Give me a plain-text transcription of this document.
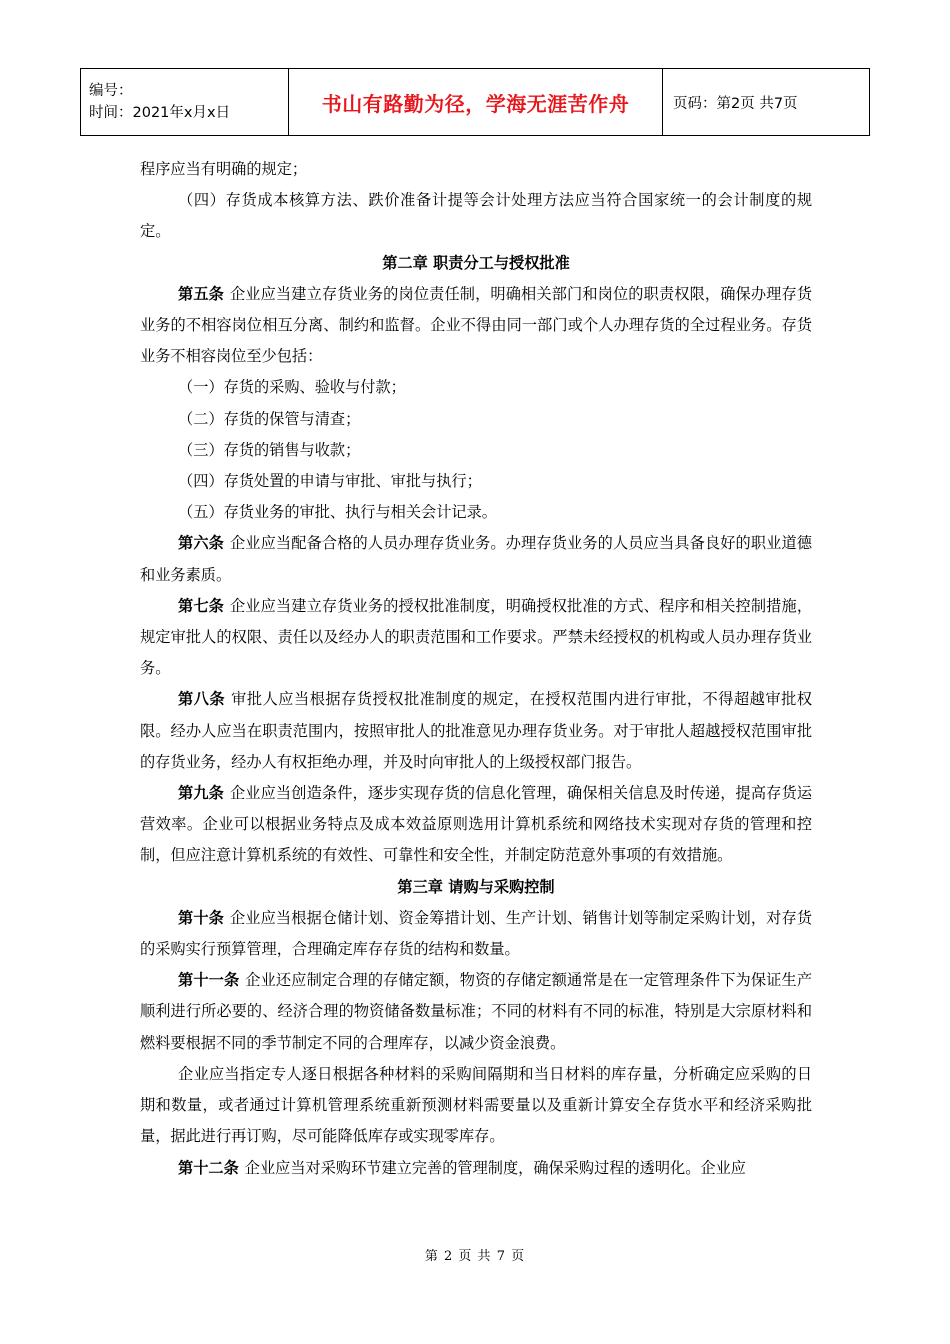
编号：
时间：2021年x月x日	书山有路勤为径，学海无涯苦作舟	页码：第2页 共7页

程序应当有明确的规定；

（四）存货成本核算方法、跌价准备计提等会计处理方法应当符合国家统一的会计制度的规定。

第二章 职责分工与授权批准

第五条 企业应当建立存货业务的岗位责任制，明确相关部门和岗位的职责权限，确保办理存货业务的不相容岗位相互分离、制约和监督。企业不得由同一部门或个人办理存货的全过程业务。存货业务不相容岗位至少包括：

（一）存货的采购、验收与付款；

（二）存货的保管与清查；

（三）存货的销售与收款；

（四）存货处置的申请与审批、审批与执行；

（五）存货业务的审批、执行与相关会计记录。

第六条 企业应当配备合格的人员办理存货业务。办理存货业务的人员应当具备良好的职业道德和业务素质。

第七条 企业应当建立存货业务的授权批准制度，明确授权批准的方式、程序和相关控制措施，规定审批人的权限、责任以及经办人的职责范围和工作要求。严禁未经授权的机构或人员办理存货业务。

第八条 审批人应当根据存货授权批准制度的规定，在授权范围内进行审批，不得超越审批权限。经办人应当在职责范围内，按照审批人的批准意见办理存货业务。对于审批人超越授权范围审批的存货业务，经办人有权拒绝办理，并及时向审批人的上级授权部门报告。

第九条 企业应当创造条件，逐步实现存货的信息化管理，确保相关信息及时传递，提高存货运营效率。企业可以根据业务特点及成本效益原则选用计算机系统和网络技术实现对存货的管理和控制，但应注意计算机系统的有效性、可靠性和安全性，并制定防范意外事项的有效措施。

第三章 请购与采购控制

第十条 企业应当根据仓储计划、资金筹措计划、生产计划、销售计划等制定采购计划，对存货的采购实行预算管理，合理确定库存存货的结构和数量。

第十一条 企业还应制定合理的存储定额，物资的存储定额通常是在一定管理条件下为保证生产顺利进行所必要的、经济合理的物资储备数量标准；不同的材料有不同的标准，特别是大宗原材料和燃料要根据不同的季节制定不同的合理库存，以减少资金浪费。

企业应当指定专人逐日根据各种材料的采购间隔期和当日材料的库存量，分析确定应采购的日期和数量，或者通过计算机管理系统重新预测材料需要量以及重新计算安全存货水平和经济采购批量，据此进行再订购，尽可能降低库存或实现零库存。

第十二条 企业应当对采购环节建立完善的管理制度，确保采购过程的透明化。企业应

第 2 页 共 7 页
